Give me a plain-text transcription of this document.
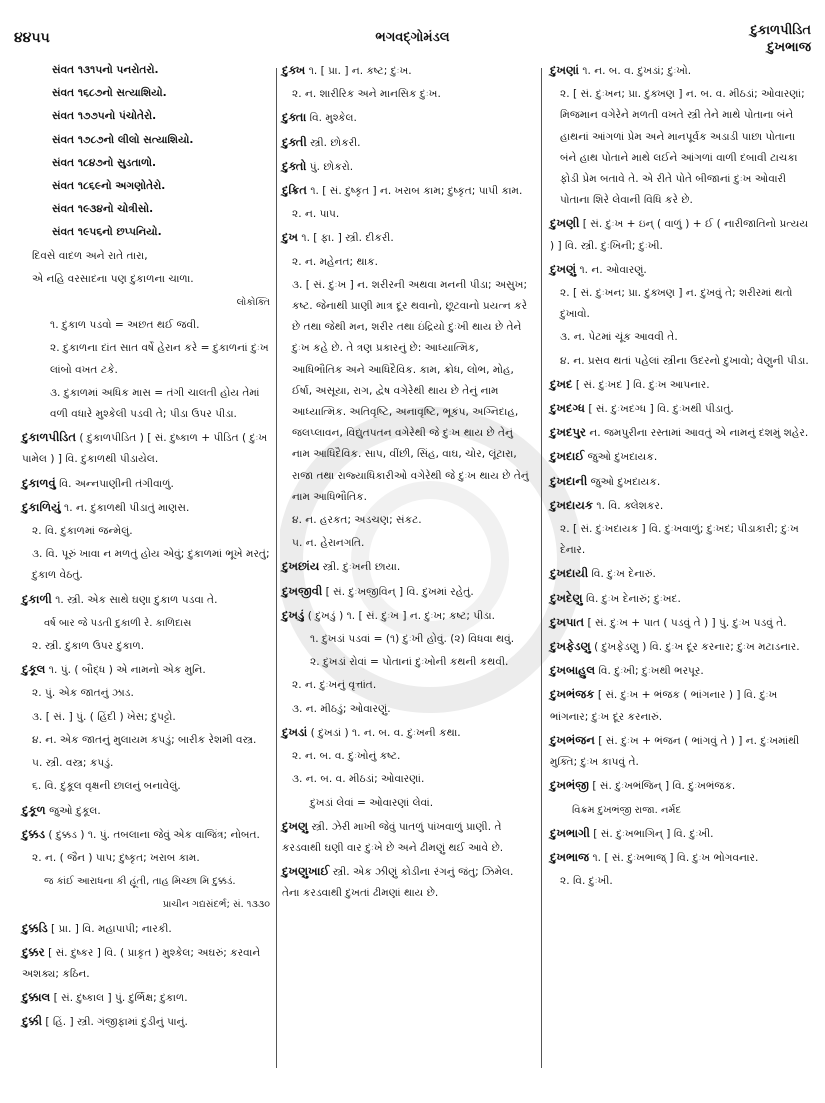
૪૪૫૫	ભગવદ્ગોમંડલ	દુકાળપીડિત
દુખભાજ
સંવત ૧૩૧૫નો પનરોતરો.
સંવત ૧૬૮૭નો સત્યાશિયો.
સંવત ૧૭૭૫નો પંચોતેરો.
સંવત ૧૭૮૭નો લીલો સત્યાશિયો.
સંવત ૧૮૪૭નો સુડતાળો.
સંવત ૧૮૬૯નો અગણોતેરો.
સંવત ૧૯૩૪નો ચોત્રીસો.
સંવત ૧૯૫૬નો છપ્પનિયો.
દિવસે વાદળ અને રાતે તારા,
એ નહિ વરસાદના પણ દુકાળના ચાળા.
લોકોક્તિ
૧. દુકાળ પડવો = અછત થઈ જવી.
૨. દુકાળના દાંત સાત વર્ષે હેરાન કરે = દુકાળનાં દુઃખ લાંબો વખત ટકે.
૩. દુકાળમાં અધિક માસ = તંગી ચાલતી હોય તેમાં વળી વધારે મુશ્કેલી પડવી તે; પીડા ઉપર પીડા.
દુકાળપીડિત ( દુકાળપીડિત ) [ સં. દુષ્કાળ + પીડિત ( દુઃખ પામેલ ) ] વિ. દુકાળથી પીડાયેલ.
દુકાળવું વિ. અન્નપાણીની તંગીવાળું.
દુકાળિયું ૧. ન. દુકાળથી પીડાતું માણસ.
૨. વિ. દુકાળમાં જન્મેલું.
૩. વિ. પૂરું ખાવા ન મળતું હોય એવું; દુકાળમાં ભૂખે મરતું; દુકાળ વેઠતું.
દુકાળી ૧. સ્ત્રી. એક સાથે ઘણા દુકાળ પડવા તે.
વર્ષ બાર જે પડતી દુકાળી રે. કાળિદાસ
૨. સ્ત્રી. દુકાળ ઉપર દુકાળ.
દુકૂલ ૧. પું. ( બૌદ્ધ ) એ નામનો એક મુનિ.
૨. પું. એક જાતનું ઝાડ.
૩. [ સં. ] પું. ( હિંદી ) ખેસ; દુપટ્ટો.
૪. ન. એક જાતનું મુલાયમ કપડું; બારીક રેશમી વસ્ત્ર.
૫. સ્ત્રી. વસ્ત્ર; કપડું.
૬. વિ. દુકૂલ વૃક્ષની છાલનું બનાવેલું.
દુકૂળ જુઓ દુકૂલ.
દુક્કડ ( દુક્કડ ) ૧. પું. તબલાના જેવું એક વાજિંત્ર; નોબત.
૨. ન. ( જૈન ) પાપ; દુષ્કૃત; ખરાબ કામ.
જ કાંઈ આરાધના કી હૂંતી, તાહ મિચ્છા મિ દુક્કડં.
પ્રાચીન ગદ્યસંદર્ભ; સં. ૧૩૩૦
દુક્કડિ [ પ્રા. ] વિ. મહાપાપી; નારકી.
દુક્કર [ સં. દુષ્કર ] વિ. ( પ્રાકૃત ) મુશ્કેલ; અઘરું; કરવાને અશક્ય; કઠિન.
દુક્કાલ [ સં. દુષ્કાલ ] પું. દુર્ભિક્ષ; દુકાળ.
દુક્કી [ હિં. ] સ્ત્રી. ગંજીફામાં દુડીનું પાનું.
દુક્ખ ૧. [ પ્રા. ] ન. કષ્ટ; દુઃખ.
૨. ન. શારીરિક અને માનસિક દુઃખ.
દુક્તા વિ. મુશ્કેલ.
દુક્તી સ્ત્રી. છોકરી.
દુક્તો પું. છોકરો.
દુક્રિત ૧. [ સં. દુષ્કૃત ] ન. ખરાબ કામ; દુષ્કૃત; પાપી કામ.
૨. ન. પાપ.
દુખ ૧. [ ફા. ] સ્ત્રી. દીકરી.
૨. ન. મહેનત; થાક.
૩. [ સં. દુઃખ ] ન. શરીરની અથવા મનની પીડા; અસુખ; કષ્ટ. જેનાથી પ્રાણી માત્ર દૂર થવાનો, છૂટવાનો પ્રયત્ન કરે છે તથા જેથી મન, શરીર તથા ઇંદ્રિયો દુઃખી થાય છે તેને દુઃખ કહે છે. તે ત્રણ પ્રકારનું છે: આધ્યાત્મિક, આધિભૌતિક અને આધિદૈવિક. કામ, ક્રોધ, લોભ, મોહ, ઈર્ષા, અસૂયા, રાગ, દ્વેષ વગેરેથી થાય છે તેનું નામ આધ્યાત્મિક. અતિવૃષ્ટિ, અનાવૃષ્ટિ, ભૂકંપ, અગ્નિદાહ, જલપ્લાવન, વિદ્યુતપતન વગેરેથી જે દુઃખ થાય છે તેનું નામ આધિદૈવિક. સાપ, વીંછી, સિંહ, વાઘ, ચોર, લૂંટારા, રાજા તથા રાજ્યાધિકારીઓ વગેરેથી જે દુઃખ થાય છે તેનું નામ આધિભૌતિક.
૪. ન. હરકત; અડચણ; સંકટ.
૫. ન. હેરાનગતિ.
દુખછાંય સ્ત્રી. દુઃખની છાયા.
દુખજીવી [ સં. દુઃખજીવિન્ ] વિ. દુખમાં રહેતું.
દુખડું ( દુખડું ) ૧. [ સં. દુઃખ ] ન. દુઃખ; કષ્ટ; પીડા.
૧. દુખડાં પડવાં = (૧) દુઃખી હોવું. (૨) વિધવા થવું.
૨. દુખડાં રોવાં = પોતાનાં દુઃખોની કથની કથવી.
૨. ન. દુઃખનું વૃત્તાંત.
૩. ન. મીઠડું; ઓવારણું.
દુખડાં ( દુખડાં ) ૧. ન. બ. વ. દુઃખની કથા.
૨. ન. બ. વ. દુઃખોનું કષ્ટ.
૩. ન. બ. વ. મીઠડાં; ઓવારણાં.
દુખડાં લેવાં = ઓવારણાં લેવાં.
દુખણુ સ્ત્રી. ઝેરી માખી જેવું પાતળું પાંખવાળું પ્રાણી. તે કરડવાથી ઘણી વાર દુઃખે છે અને ઢીમણું થઈ આવે છે.
દુખણુખાઈ સ્ત્રી. એક ઝીણું કોડીના રંગનું જંતુ; ઝિમેલ. તેના કરડવાથી દુખતાં ઢીમણાં થાય છે.
દુખણાં ૧. ન. બ. વ. દુખડાં; દુઃખો.
૨. [ સં. દુઃખન; પ્રા. દુક્ખણ ] ન. બ. વ. મીઠડાં; ઓવારણાં; મિજમાન વગેરેને મળતી વખતે સ્ત્રી તેને માથે પોતાના બંને હાથનાં આંગળાં પ્રેમ અને માનપૂર્વક અડાડી પાછા પોતાના બંને હાથ પોતાને માથે લઈને આંગળાં વાળી દબાવી ટાચકા ફોડી પ્રેમ બતાવે તે. એ રીતે પોતે બીજાનાં દુઃખ ઓવારી પોતાના શિરે લેવાની વિધિ કરે છે.
દુખણી [ સં. દુઃખ + ઇન્ ( વાળું ) + ઈ ( નારીજાતિનો પ્રત્યય ) ] વિ. સ્ત્રી. દુઃખિની; દુઃખી.
દુખણું ૧. ન. ઓવારણું.
૨. [ સં. દુઃખન; પ્રા. દુક્ખણ ] ન. દુખવું તે; શરીરમાં થતો દુખાવો.
૩. ન. પેટમાં ચૂંક આવવી તે.
૪. ન. પ્રસવ થતાં પહેલાં સ્ત્રીના ઉદરનો દુખાવો; વેણુની પીડા.
દુખદ [ સં. દુઃખદ ] વિ. દુઃખ આપનાર.
દુખદગ્ધ [ સં. દુઃખદગ્ધ ] વિ. દુઃખથી પીડાતું.
દુખદપુર ન. જમપુરીના રસ્તામાં આવતું એ નામનું દશમું શહેર.
દુખદાઈ જુઓ દુખદાયક.
દુખદાની જુઓ દુખદાયક.
દુખદાયક ૧. વિ. ક્લેશકર.
૨. [ સં. દુઃખદાયક ] વિ. દુઃખવાળું; દુઃખદ; પીડાકારી; દુઃખ દેનાર.
દુખદાયી વિ. દુઃખ દેનારું.
દુખદેણુ વિ. દુઃખ દેનારું; દુઃખદ.
દુખપાત [ સં. દુઃખ + પાત ( પડવું તે ) ] પું. દુઃખ પડવું તે.
દુખફેડણુ ( દુખફેડણુ ) વિ. દુઃખ દૂર કરનાર; દુઃખ મટાડનાર.
દુખબાહુલ વિ. દુઃખી; દુઃખથી ભરપૂર.
દુખભંજક [ સં. દુઃખ + ભંજક ( ભાંગનાર ) ] વિ. દુઃખ ભાંગનાર; દુઃખ દૂર કરનારું.
દુખભંજન [ સં. દુઃખ + ભંજન ( ભાંગવું તે ) ] ન. દુઃખમાંથી મુક્તિ; દુઃખ કાપવું તે.
દુખભંજી [ સં. દુઃખભંજિન્ ] વિ. દુઃખભંજક.
વિક્રમ દુખભંજી રાજા. નર્મદ
દુખભાગી [ સં. દુઃખભાગિન્ ] વિ. દુઃખી.
દુખભાજ ૧. [ સં. દુઃખભાજ્ ] વિ. દુઃખ ભોગવનાર.
૨. વિ. દુઃખી.
